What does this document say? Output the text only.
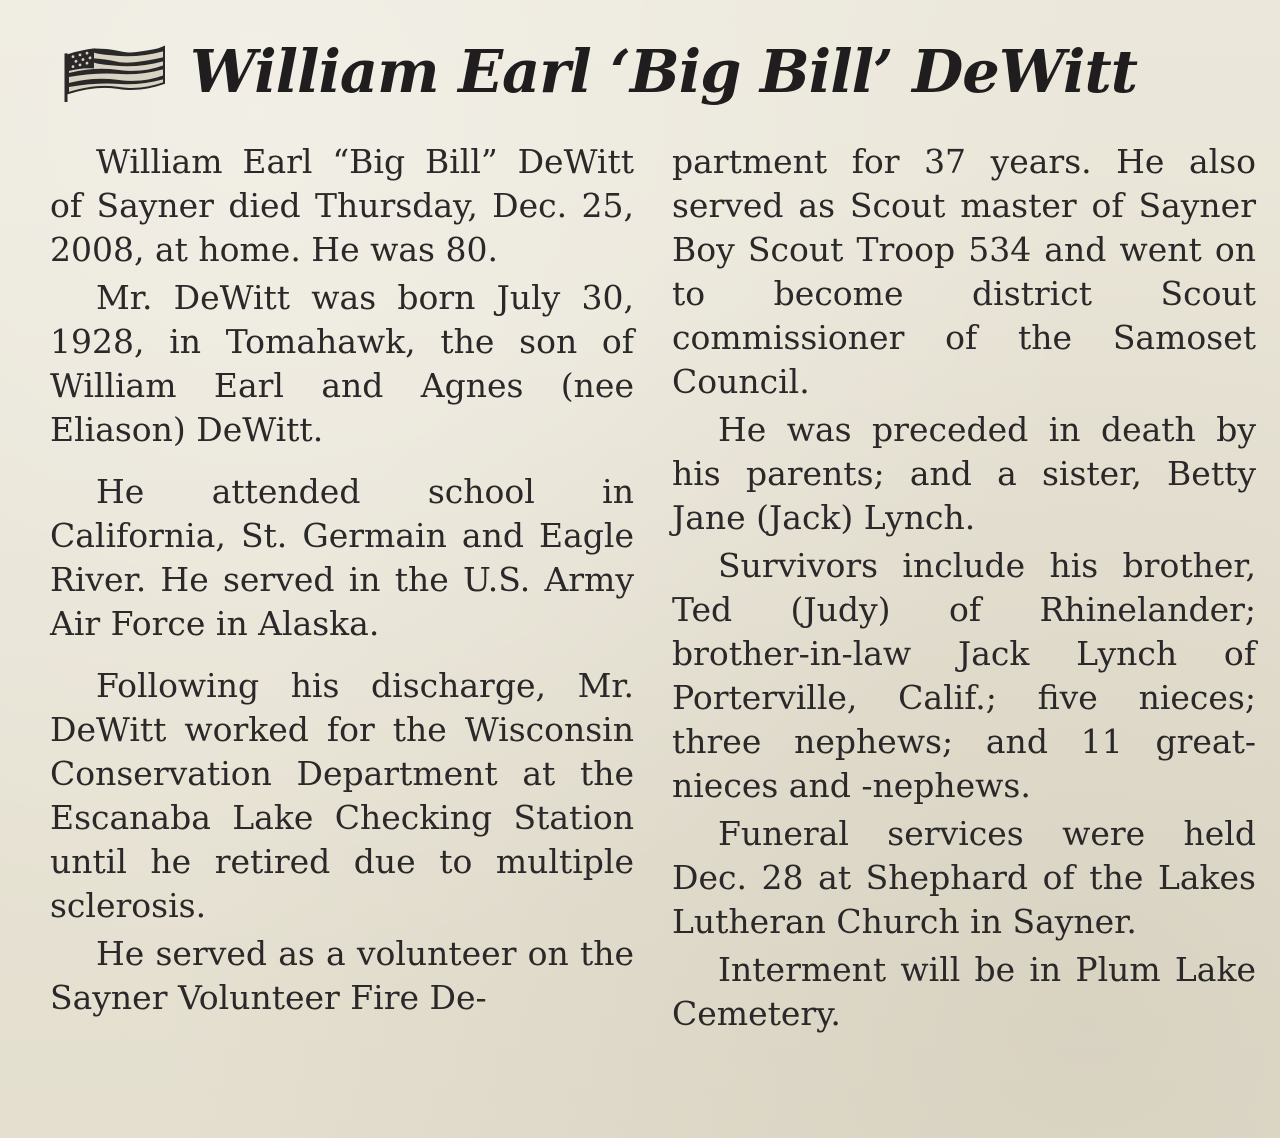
William Earl ‘Big Bill’ DeWitt

William Earl “Big Bill” DeWitt of Sayner died Thursday, Dec. 25, 2008, at home. He was 80.

Mr. DeWitt was born July 30, 1928, in Tomahawk, the son of William Earl and Agnes (nee Eliason) DeWitt.

He attended school in California, St. Germain and Eagle River. He served in the U.S. Army Air Force in Alaska.

Following his discharge, Mr. DeWitt worked for the Wisconsin Conservation Department at the Escanaba Lake Checking Station until he retired due to multiple sclerosis.

He served as a volunteer on the Sayner Volunteer Fire De-

partment for 37 years. He also served as Scout master of Sayner Boy Scout Troop 534 and went on to become district Scout commissioner of the Samoset Council.

He was preceded in death by his parents; and a sister, Betty Jane (Jack) Lynch.

Survivors include his brother, Ted (Judy) of Rhinelander; brother-in-law Jack Lynch of Porterville, Calif.; five nieces; three nephews; and 11 great-nieces and -nephews.

Funeral services were held Dec. 28 at Shephard of the Lakes Lutheran Church in Sayner.

Interment will be in Plum Lake Cemetery.
